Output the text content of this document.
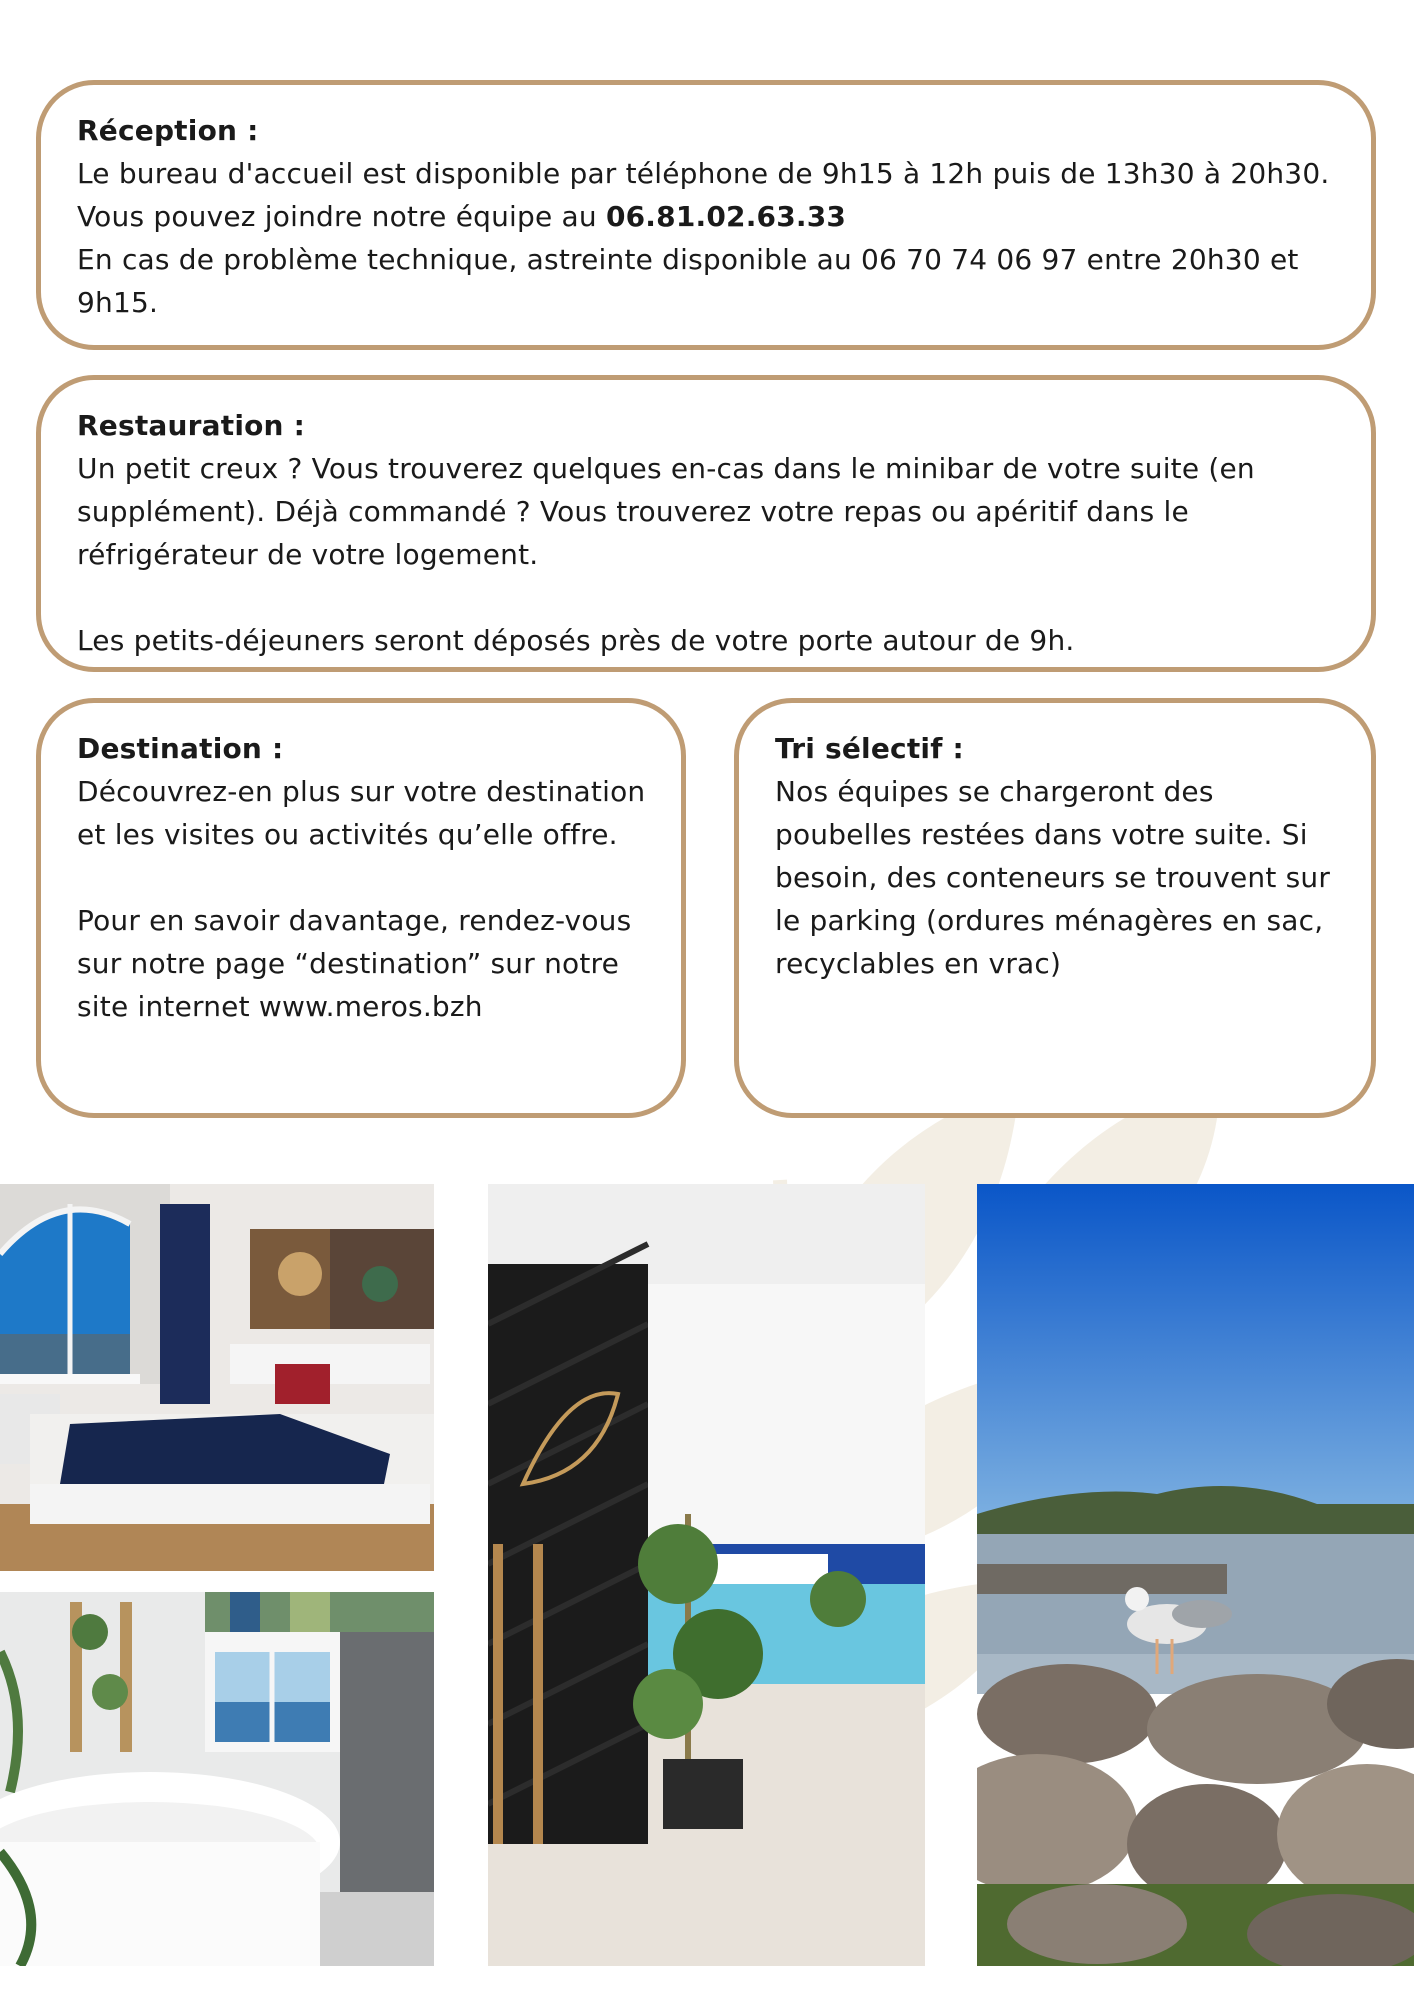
Réception :

Le bureau d'accueil est disponible par téléphone de 9h15 à 12h puis de 13h30 à 20h30. Vous pouvez joindre notre équipe au 06.81.02.63.33

En cas de problème technique, astreinte disponible au 06 70 74 06 97 entre 20h30 et 9h15.

Restauration :

Un petit creux ? Vous trouverez quelques en-cas dans le minibar de votre suite (en supplément). Déjà commandé ? Vous trouverez votre repas ou apéritif dans le réfrigérateur de votre logement.

Les petits-déjeuners seront déposés près de votre porte autour de 9h.

Destination :

Découvrez-en plus sur votre destination et les visites ou activités qu’elle offre.

Pour en savoir davantage, rendez-vous sur notre page “destination” sur notre site internet www.meros.bzh

Tri sélectif :

Nos équipes se chargeront des poubelles restées dans votre suite. Si besoin, des conteneurs se trouvent sur le parking (ordures ménagères en sac, recyclables en vrac)
